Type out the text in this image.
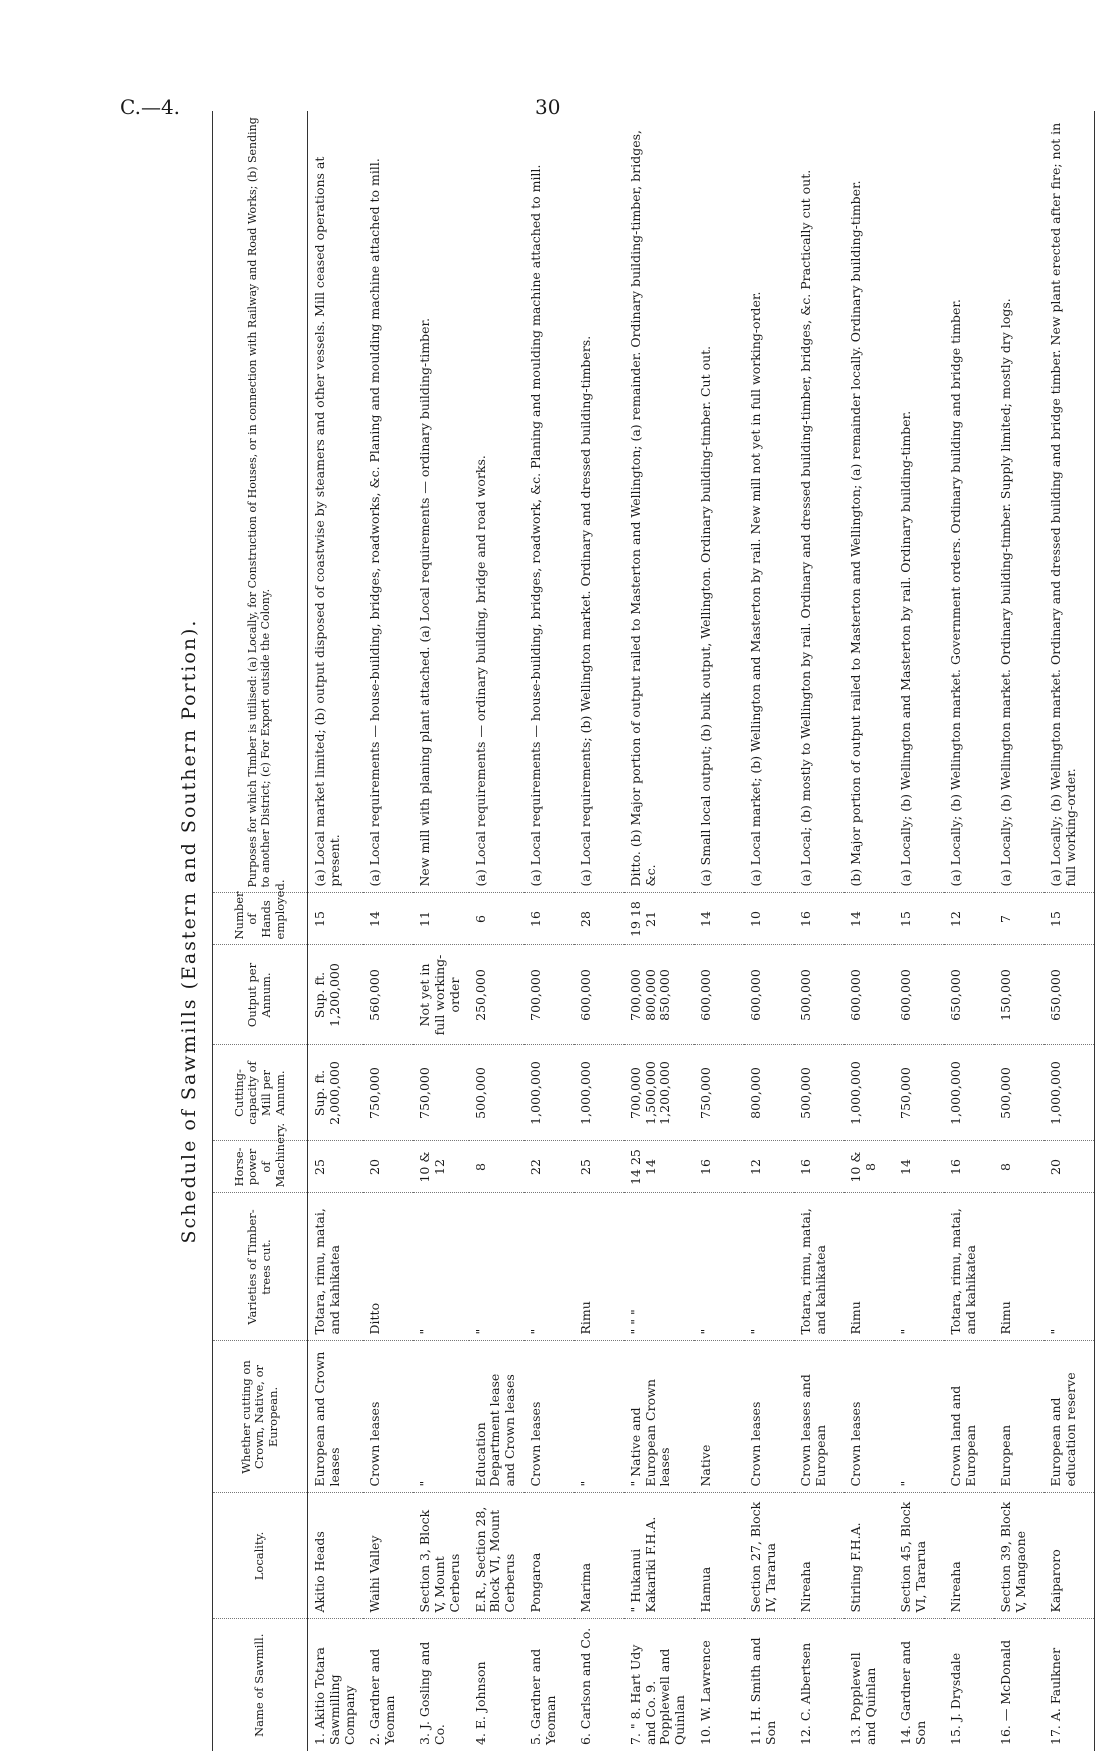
C.—4.	30
Schedule of Sawmills (Eastern and Southern Portion).
Name of Sawmill.	Locality.	Whether cutting on Crown, Native, or European.	Varieties of Timber-trees cut.	Horse-power of Machinery.	Cutting-capacity of Mill per Annum.	Output per Annum.	Number of Hands employed.	Purposes for which Timber is utilised: (a) Locally, for Construction of Houses, or in connection with Railway and Road Works; (b) Sending to another District; (c) For Export outside the Colony.
1. Akitio Totara Sawmilling Company	Akitio Heads	European and Crown leases	Totara, rimu, matai, and kahikatea	25	Sup. ft. 2,000,000	Sup. ft. 1,200,000	15	(a) Local market limited; (b) output disposed of coastwise by steamers and other vessels. Mill ceased operations at present.
2. Gardner and Yeoman	Waihi Valley	Crown leases	Ditto	20	750,000	560,000	14	(a) Local requirements — house-building, bridges, roadworks, &c. Planing and moulding machine attached to mill.
3. J. Gosling and Co.	Section 3, Block V, Mount Cerberus	"	"	10 & 12	750,000	Not yet in full working-order	11	New mill with planing plant attached. (a) Local requirements — ordinary building-timber.
4. E. Johnson	E.R., Section 28, Block VI, Mount Cerberus	Education Department lease and Crown leases	"	8	500,000	250,000	6	(a) Local requirements — ordinary building, bridge and road works.
5. Gardner and Yeoman	Pongaroa	Crown leases	"	22	1,000,000	700,000	16	(a) Local requirements — house-building, bridges, roadwork, &c. Planing and moulding machine attached to mill.
6. Carlson and Co.	Marima	"	Rimu	25	1,000,000	600,000	28	(a) Local requirements; (b) Wellington market. Ordinary and dressed building-timbers.
7. " 8. Hart Udy and Co. 9. Popplewell and Quinlan	" Hukanui Kakariki F.H.A.	" Native and European Crown leases	" " "	14 25 14	700,000 1,500,000 1,200,000	700,000 800,000 850,000	19 18 21	Ditto. (b) Major portion of output railed to Masterton and Wellington; (a) remainder. Ordinary building-timber, bridges, &c.
10. W. Lawrence	Hamua	Native	"	16	750,000	600,000	14	(a) Small local output; (b) bulk output, Wellington. Ordinary building-timber. Cut out.
11. H. Smith and Son	Section 27, Block IV, Tararua	Crown leases	"	12	800,000	600,000	10	(a) Local market; (b) Wellington and Masterton by rail. New mill not yet in full working-order.
12. C. Albertsen	Nireaha	Crown leases and European	Totara, rimu, matai, and kahikatea	16	500,000	500,000	16	(a) Local; (b) mostly to Wellington by rail. Ordinary and dressed building-timber, bridges, &c. Practically cut out.
13. Popplewell and Quinlan	Stirling F.H.A.	Crown leases	Rimu	10 & 8	1,000,000	600,000	14	(b) Major portion of output railed to Masterton and Wellington; (a) remainder locally. Ordinary building-timber.
14. Gardner and Son	Section 45, Block VI, Tararua	"	"	14	750,000	600,000	15	(a) Locally; (b) Wellington and Masterton by rail. Ordinary building-timber.
15. J. Drysdale	Nireaha	Crown land and European	Totara, rimu, matai, and kahikatea	16	1,000,000	650,000	12	(a) Locally; (b) Wellington market. Government orders. Ordinary building and bridge timber.
16. — McDonald	Section 39, Block V, Mangaone	European	Rimu	8	500,000	150,000	7	(a) Locally; (b) Wellington market. Ordinary building-timber. Supply limited; mostly dry logs.
17. A. Faulkner	Kaiparoro	European and education reserve	"	20	1,000,000	650,000	15	(a) Locally; (b) Wellington market. Ordinary and dressed building and bridge timber. New plant erected after fire; not in full working-order.
